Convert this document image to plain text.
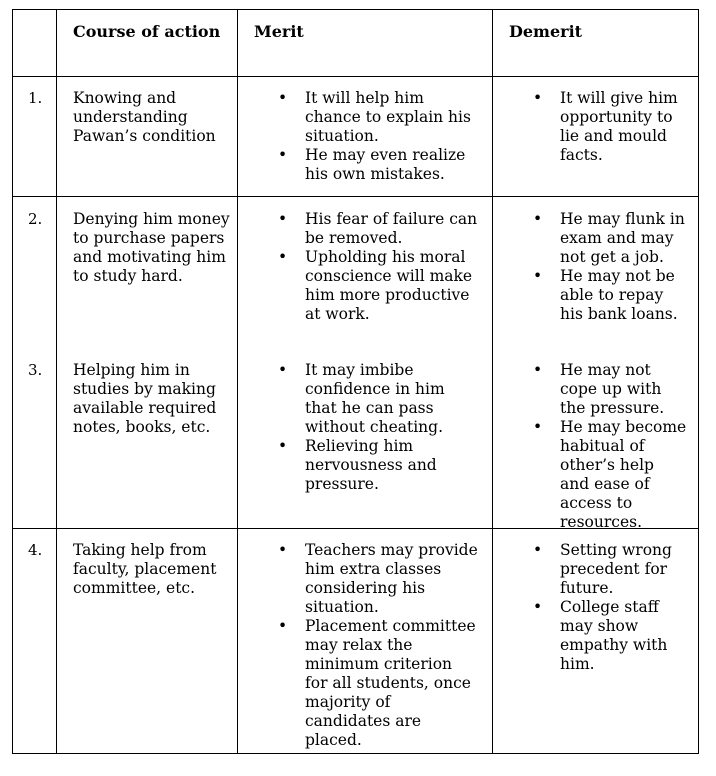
Course of action Merit	Demerit
1. Knowing and understanding Pawan’s condition
• It will help him chance to explain his situation.
• He may even realize his own mistakes.
• It will give him opportunity to lie and mould facts.
2. Denying him money to purchase papers and motivating him to study hard.
• His fear of failure can be removed.
• Upholding his moral conscience will make him more productive at work.
• He may flunk in exam and may not get a job.
• He may not be able to repay his bank loans.
3. Helping him in studies by making available required notes, books, etc.
• It may imbibe confidence in him that he can pass without cheating.
• Relieving him nervousness and pressure.
• He may not cope up with the pressure.
• He may become habitual of other’s help and ease of access to resources.
4. Taking help from faculty, placement committee, etc.
• Teachers may provide him extra classes considering his situation.
• Placement committee may relax the minimum criterion for all students, once majority of candidates are placed.
• Setting wrong precedent for future.
• College staff may show empathy with him.
